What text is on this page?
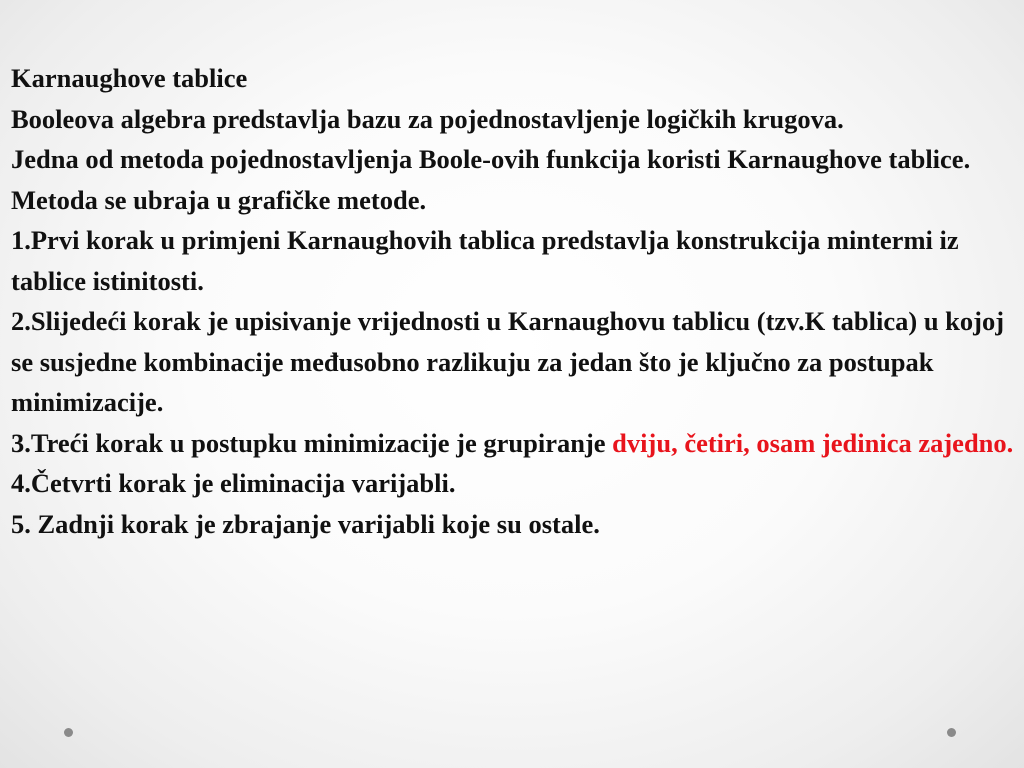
Karnaughove tablice

Booleova algebra predstavlja bazu za pojednostavljenje logičkih krugova.

Jedna od metoda pojednostavljenja Boole-ovih funkcija koristi Karnaughove tablice. Metoda se ubraja u grafičke metode.

1.Prvi korak u primjeni Karnaughovih tablica predstavlja konstrukcija mintermi iz tablice istinitosti.

2.Slijedeći korak je upisivanje vrijednosti u Karnaughovu tablicu (tzv.K tablica) u kojoj se susjedne kombinacije međusobno razlikuju za jedan što je ključno za postupak minimizacije.

3.Treći korak u postupku minimizacije je grupiranje dviju, četiri, osam jedinica zajedno.

4.Četvrti korak je eliminacija varijabli.

5. Zadnji korak je zbrajanje varijabli koje su ostale.
